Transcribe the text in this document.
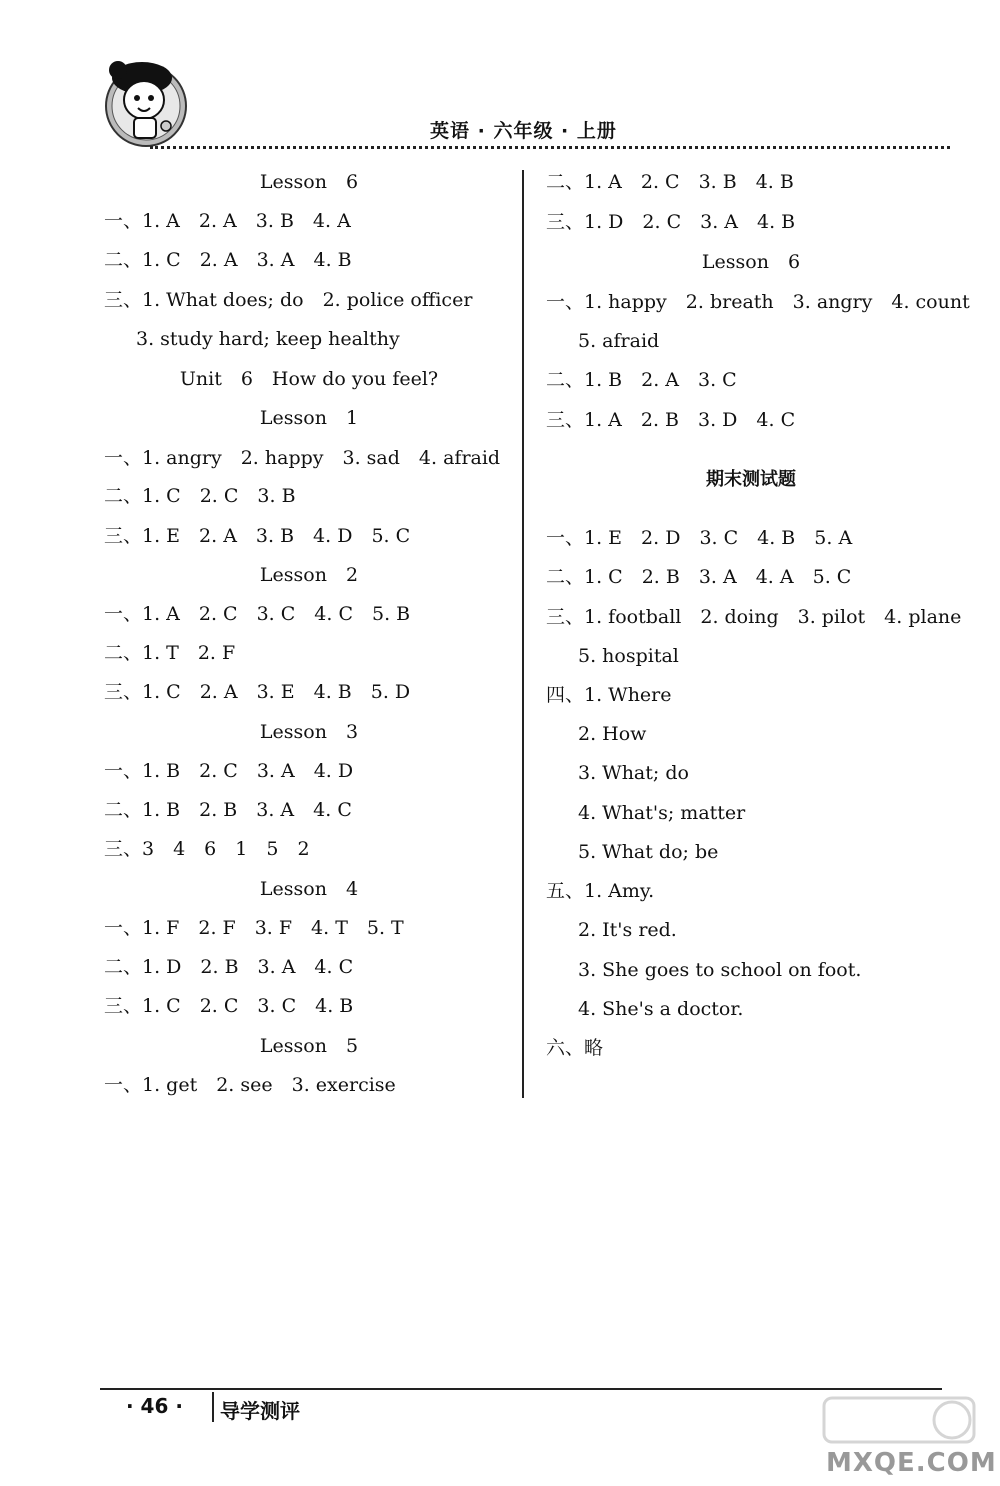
英语 · 六年级 · 上册
Lesson　6
一、1. A　2. A　3. B　4. A
二、1. C　2. A　3. A　4. B
三、1. What does; do　2. police officer
3. study hard; keep healthy
Unit　6　How do you feel?
Lesson　1
一、1. angry　2. happy　3. sad　4. afraid
二、1. C　2. C　3. B
三、1. E　2. A　3. B　4. D　5. C
Lesson　2
一、1. A　2. C　3. C　4. C　5. B
二、1. T　2. F
三、1. C　2. A　3. E　4. B　5. D
Lesson　3
一、1. B　2. C　3. A　4. D
二、1. B　2. B　3. A　4. C
三、3　4　6　1　5　2
Lesson　4
一、1. F　2. F　3. F　4. T　5. T
二、1. D　2. B　3. A　4. C
三、1. C　2. C　3. C　4. B
Lesson　5
一、1. get　2. see　3. exercise
二、1. A　2. C　3. B　4. B
三、1. D　2. C　3. A　4. B
Lesson　6
一、1. happy　2. breath　3. angry　4. count
5. afraid
二、1. B　2. A　3. C
三、1. A　2. B　3. D　4. C
期末测试题
一、1. E　2. D　3. C　4. B　5. A
二、1. C　2. B　3. A　4. A　5. C
三、1. football　2. doing　3. pilot　4. plane
5. hospital
四、1. Where
2. How
3. What; do
4. What's; matter
5. What do; be
五、1. Amy.
2. It's red.
3. She goes to school on foot.
4. She's a doctor.
六、略
· 46 · 导学测评
MXQE.COM
